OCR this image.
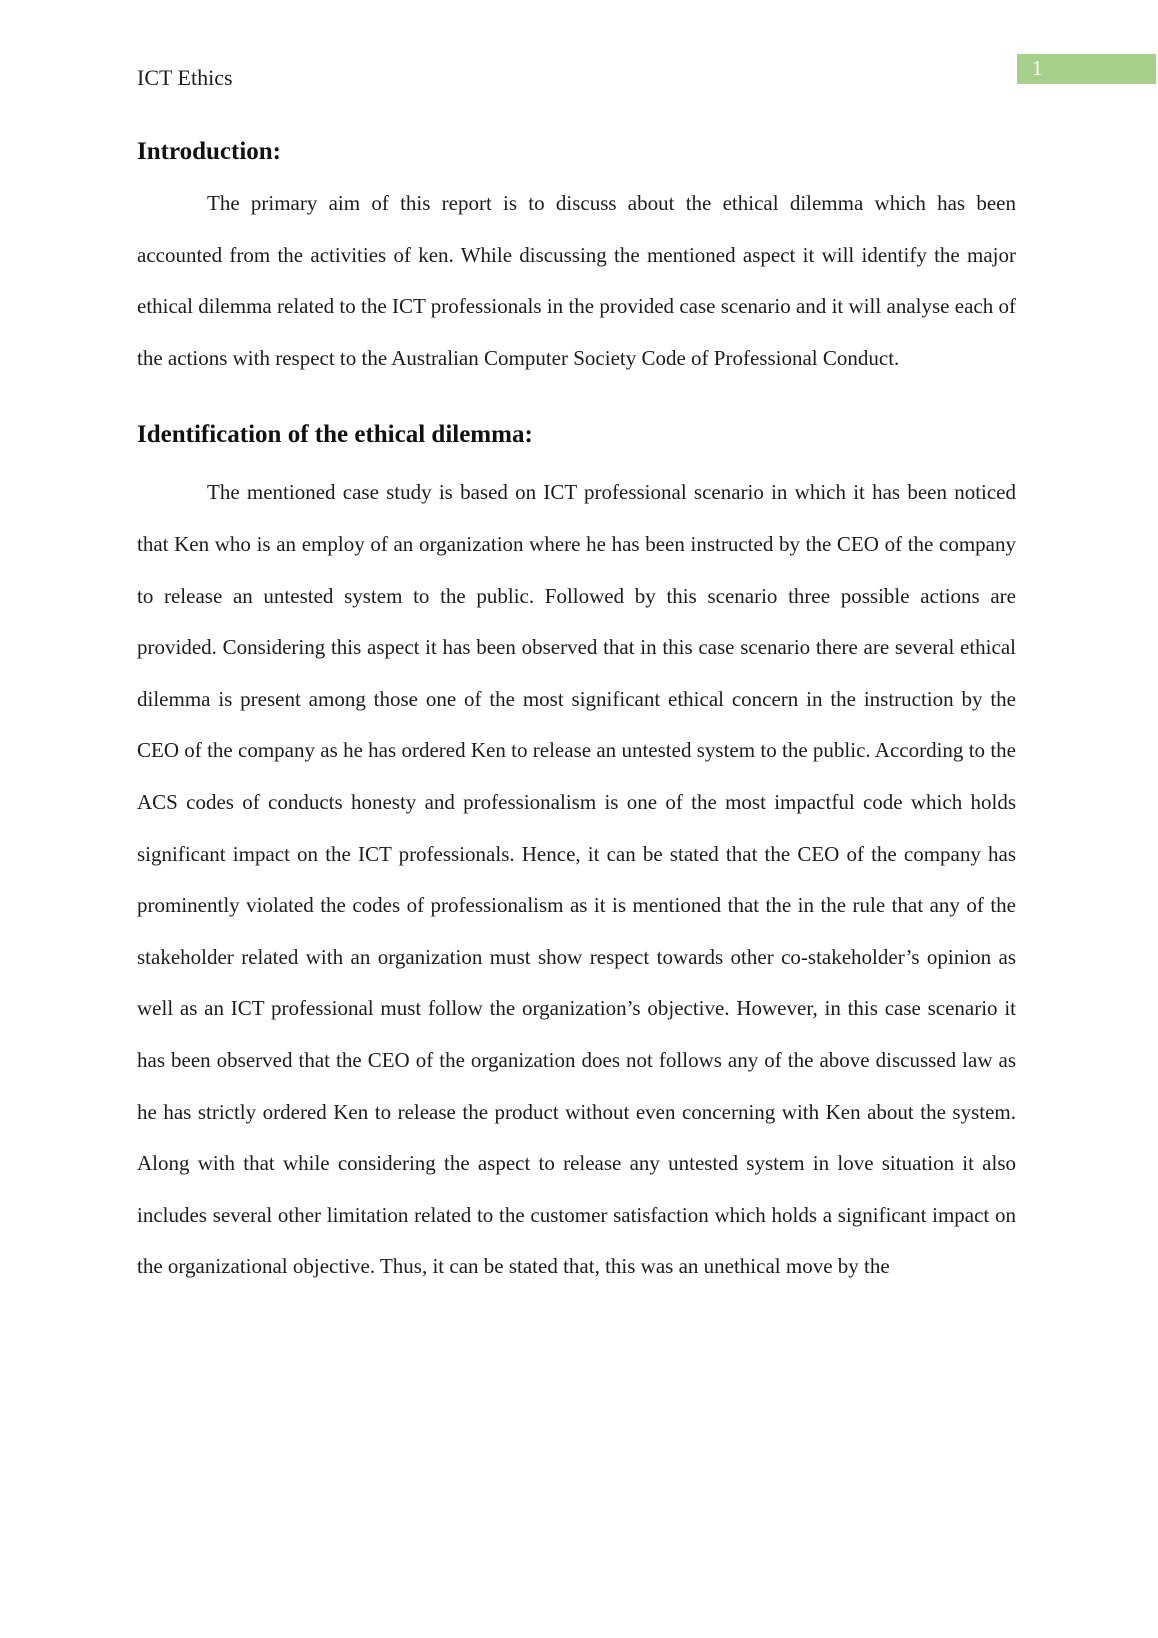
ICT Ethics	1
Introduction:

The primary aim of this report is to discuss about the ethical dilemma which has been accounted from the activities of ken. While discussing the mentioned aspect it will identify the major ethical dilemma related to the ICT professionals in the provided case scenario and it will analyse each of the actions with respect to the Australian Computer Society Code of Professional Conduct.

Identification of the ethical dilemma:

The mentioned case study is based on ICT professional scenario in which it has been noticed that Ken who is an employ of an organization where he has been instructed by the CEO of the company to release an untested system to the public. Followed by this scenario three possible actions are provided. Considering this aspect it has been observed that in this case scenario there are several ethical dilemma is present among those one of the most significant ethical concern in the instruction by the CEO of the company as he has ordered Ken to release an untested system to the public. According to the ACS codes of conducts honesty and professionalism is one of the most impactful code which holds significant impact on the ICT professionals. Hence, it can be stated that the CEO of the company has prominently violated the codes of professionalism as it is mentioned that the in the rule that any of the stakeholder related with an organization must show respect towards other co-stakeholder’s opinion as well as an ICT professional must follow the organization’s objective. However, in this case scenario it has been observed that the CEO of the organization does not follows any of the above discussed law as he has strictly ordered Ken to release the product without even concerning with Ken about the system. Along with that while considering the aspect to release any untested system in love situation it also includes several other limitation related to the customer satisfaction which holds a significant impact on the organizational objective. Thus, it can be stated that, this was an unethical move by the
